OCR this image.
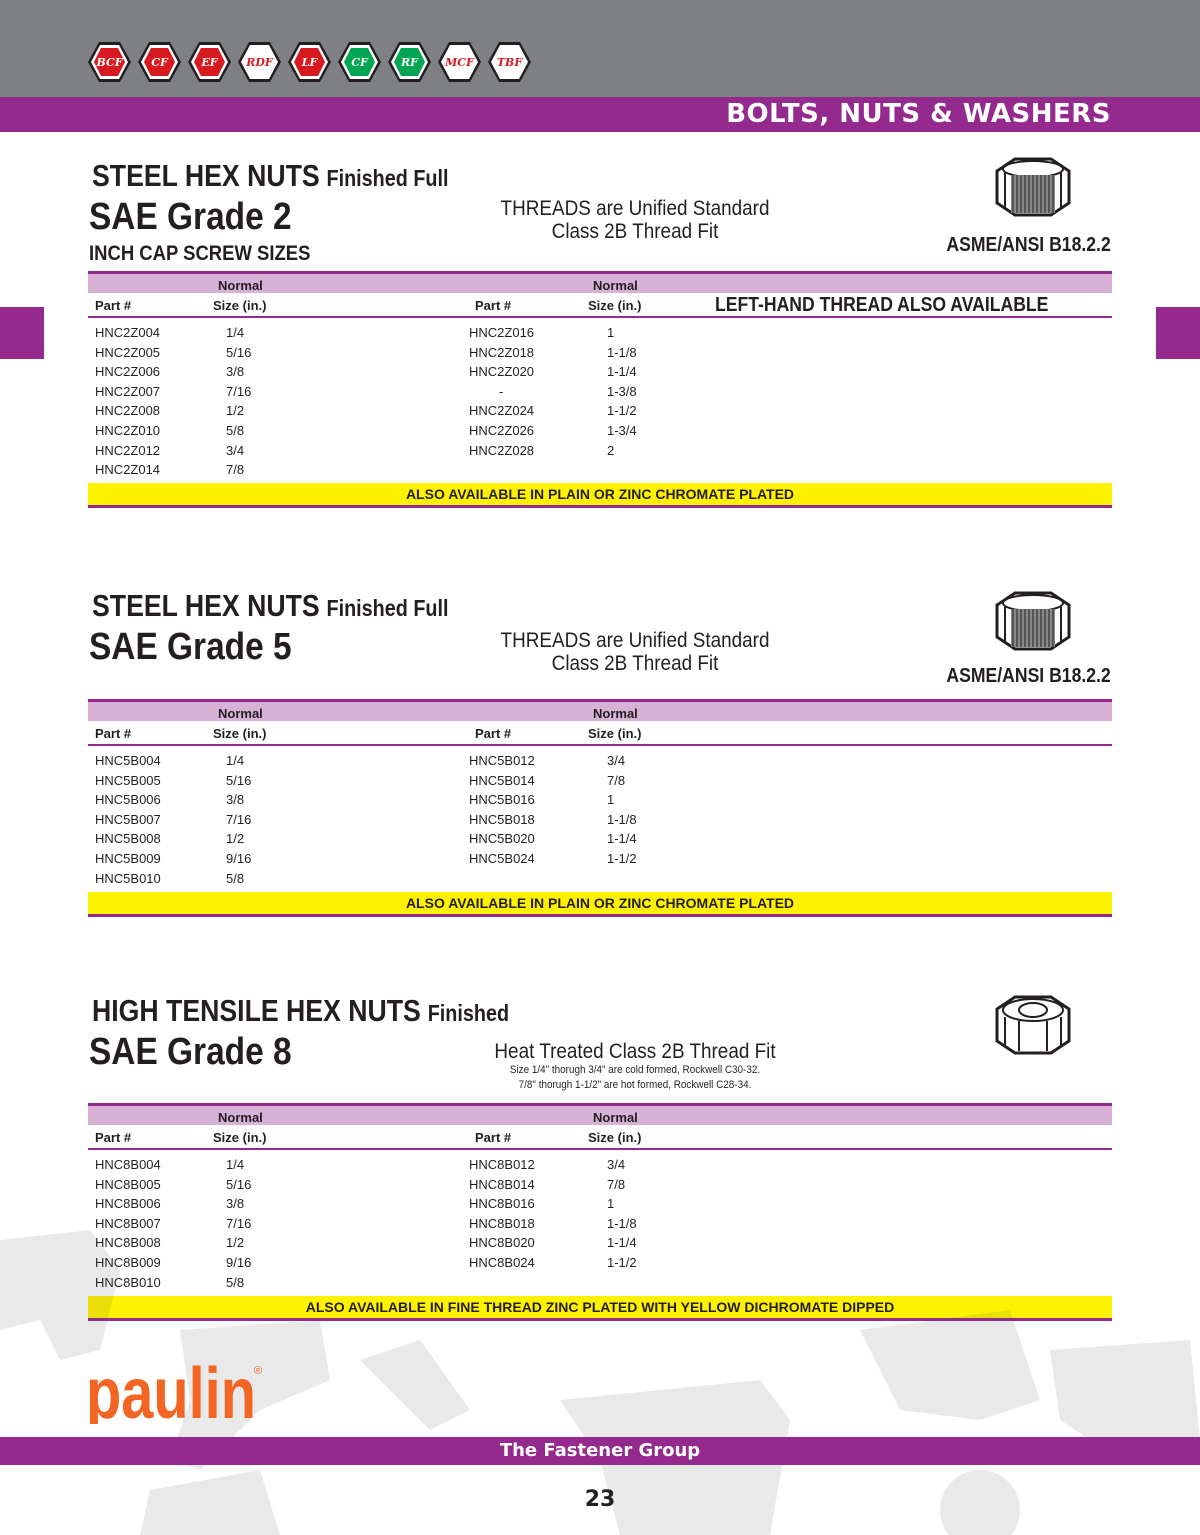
BCF	CF	EF	RDF	LF	CF	RF	MCF	TBF
BOLTS, NUTS & WASHERS
STEEL HEX NUTS Finished Full
SAE Grade 2
INCH CAP SCREW SIZES
THREADS are Unified Standard
Class 2B Thread Fit
ASME/ANSI B18.2.2
Normal	Normal
Part #	Size (in.)	Part #	Size (in.)	LEFT-HAND THREAD ALSO AVAILABLE
HNC2Z004	1/4	HNC2Z016	1
HNC2Z005	5/16	HNC2Z018	1-1/8
HNC2Z006	3/8	HNC2Z020	1-1/4
HNC2Z007	7/16	-	1-3/8
HNC2Z008	1/2	HNC2Z024	1-1/2
HNC2Z010	5/8	HNC2Z026	1-3/4
HNC2Z012	3/4	HNC2Z028	2
HNC2Z014	7/8
ALSO AVAILABLE IN PLAIN OR ZINC CHROMATE PLATED
STEEL HEX NUTS Finished Full
SAE Grade 5	THREADS are Unified Standard
Class 2B Thread Fit
ASME/ANSI B18.2.2
Normal	Normal
Part #	Size (in.)	Part #	Size (in.)
HNC5B004	1/4	HNC5B012	3/4
HNC5B005	5/16	HNC5B014	7/8
HNC5B006	3/8	HNC5B016	1
HNC5B007	7/16	HNC5B018	1-1/8
HNC5B008	1/2	HNC5B020	1-1/4
HNC5B009	9/16	HNC5B024	1-1/2
HNC5B010	5/8
ALSO AVAILABLE IN PLAIN OR ZINC CHROMATE PLATED
HIGH TENSILE HEX NUTS Finished
SAE Grade 8	Heat Treated Class 2B Thread Fit
Size 1/4" thorugh 3/4" are cold formed, Rockwell C30-32.
7/8" thorugh 1-1/2" are hot formed, Rockwell C28-34.
Normal	Normal
Part #	Size (in.)	Part #	Size (in.)
HNC8B004	1/4	HNC8B012	3/4
HNC8B005	5/16	HNC8B014	7/8
HNC8B006	3/8	HNC8B016	1
HNC8B007	7/16	HNC8B018	1-1/8
HNC8B008	1/2	HNC8B020	1-1/4
HNC8B009	9/16	HNC8B024	1-1/2
HNC8B010	5/8
ALSO AVAILABLE IN FINE THREAD ZINC PLATED WITH YELLOW DICHROMATE DIPPED
paulin
®
The Fastener Group
23
